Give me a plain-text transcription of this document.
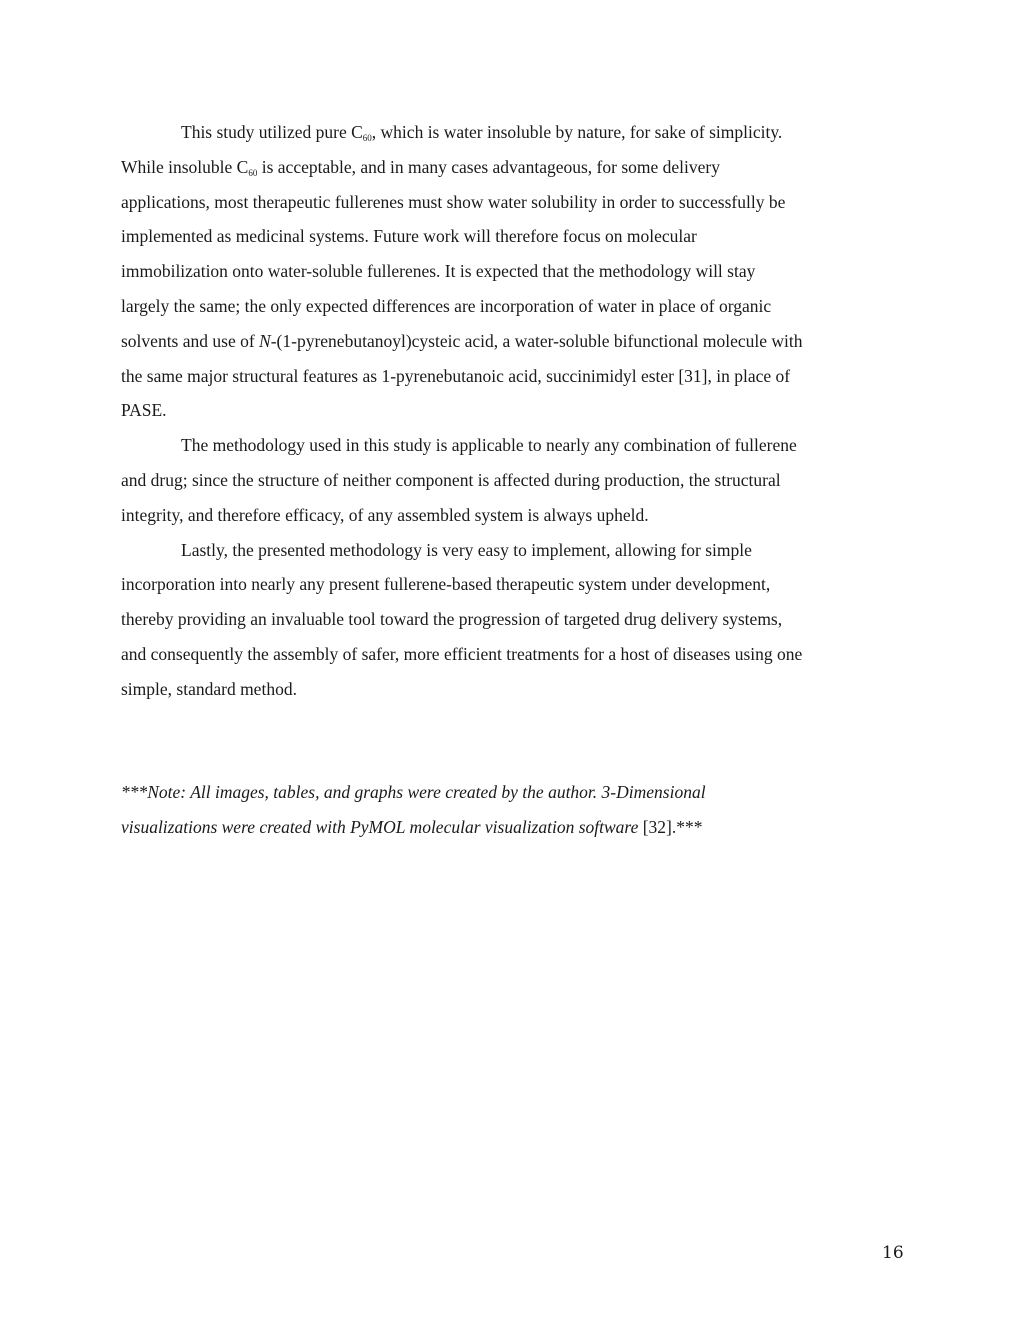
This study utilized pure $C_{60}$, which is water insoluble by nature, for sake of simplicity.
While insoluble $C_{60}$ is acceptable, and in many cases advantageous, for some delivery
applications, most therapeutic fullerenes must show water solubility in order to successfully be
implemented as medicinal systems. Future work will therefore focus on molecular
immobilization onto water-soluble fullerenes. It is expected that the methodology will stay
largely the same; the only expected differences are incorporation of water in place of organic
solvents and use of N-(1-pyrenebutanoyl)cysteic acid, a water-soluble bifunctional molecule with
the same major structural features as 1-pyrenebutanoic acid, succinimidyl ester [31], in place of
PASE.
The methodology used in this study is applicable to nearly any combination of fullerene
and drug; since the structure of neither component is affected during production, the structural
integrity, and therefore efficacy, of any assembled system is always upheld.
Lastly, the presented methodology is very easy to implement, allowing for simple
incorporation into nearly any present fullerene-based therapeutic system under development,
thereby providing an invaluable tool toward the progression of targeted drug delivery systems,
and consequently the assembly of safer, more efficient treatments for a host of diseases using one
simple, standard method.
***Note: All images, tables, and graphs were created by the author. 3-Dimensional
visualizations were created with PyMOL molecular visualization software [32].***
16
